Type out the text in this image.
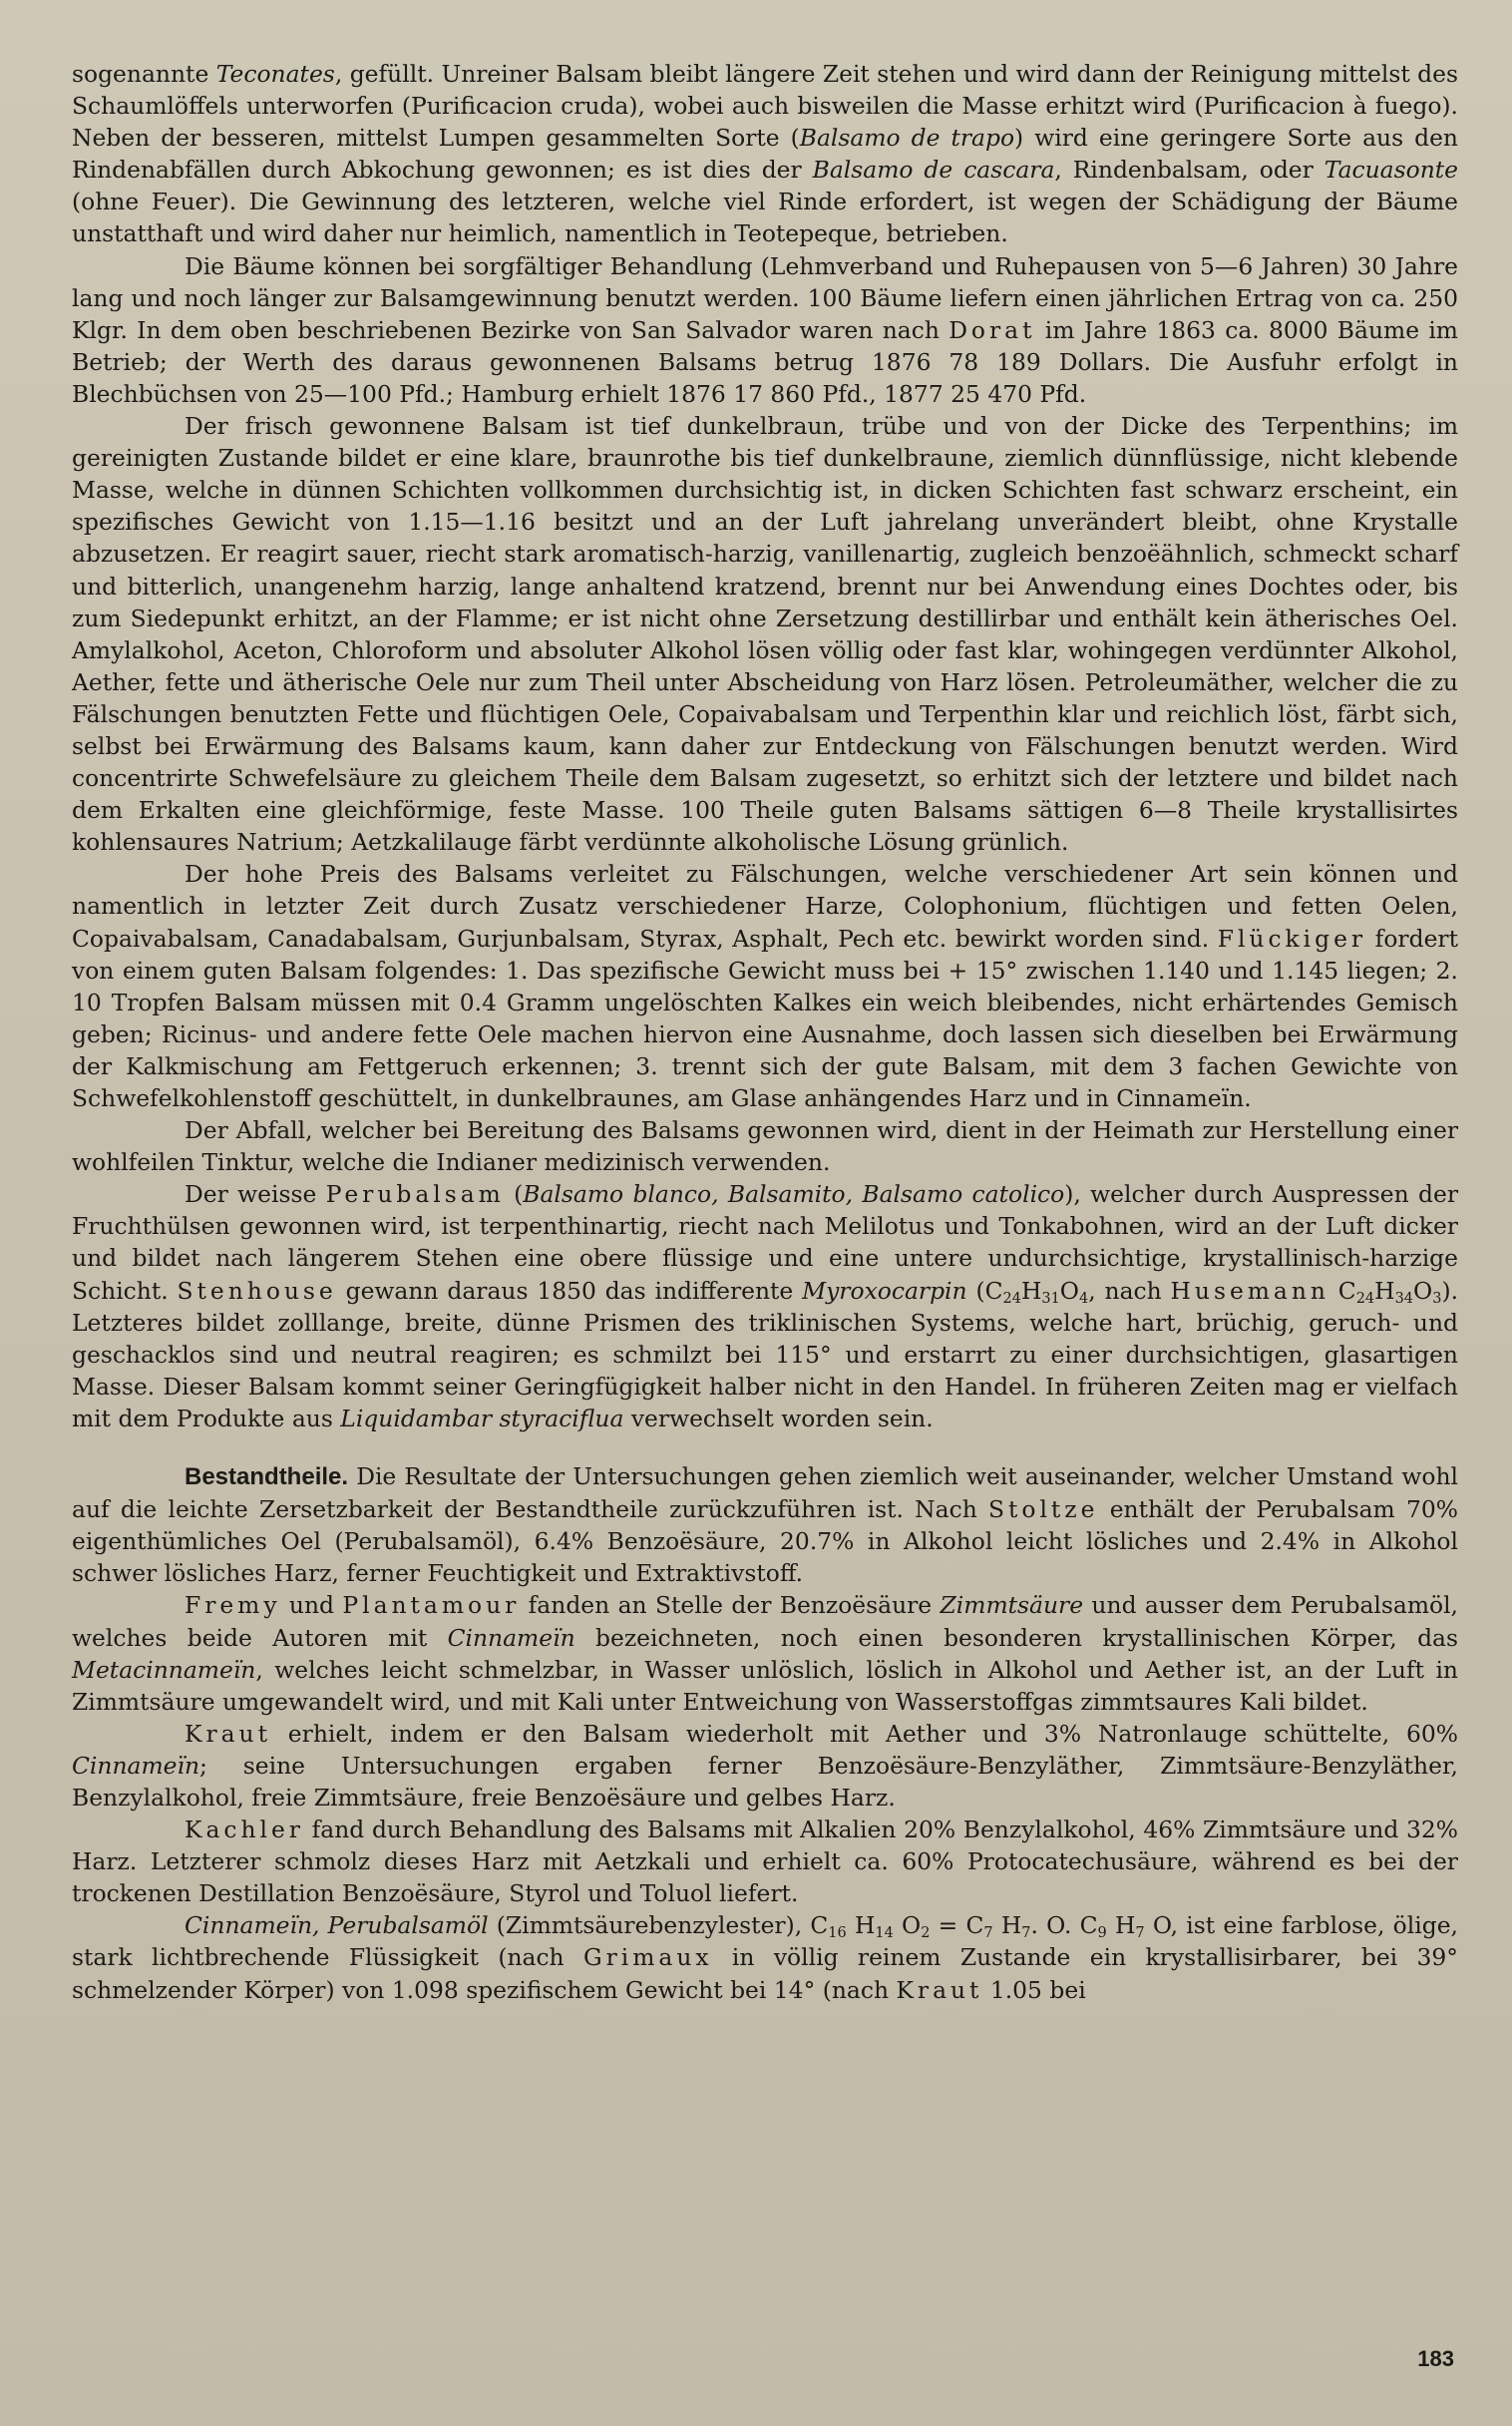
sogenannte Teconates, gefüllt. Unreiner Balsam bleibt längere Zeit stehen und wird dann der Reinigung mittelst des Schaumlöffels unterworfen (Purificacion cruda), wobei auch bisweilen die Masse erhitzt wird (Purificacion à fuego). Neben der besseren, mittelst Lumpen gesammelten Sorte (Balsamo de trapo) wird eine geringere Sorte aus den Rindenabfällen durch Abkochung gewonnen; es ist dies der Balsamo de cascara, Rindenbalsam, oder Tacuasonte (ohne Feuer). Die Gewinnung des letzteren, welche viel Rinde erfordert, ist wegen der Schädigung der Bäume unstatthaft und wird daher nur heimlich, namentlich in Teotepeque, betrieben.

Die Bäume können bei sorgfältiger Behandlung (Lehmverband und Ruhepausen von 5—6 Jahren) 30 Jahre lang und noch länger zur Balsamgewinnung benutzt werden. 100 Bäume liefern einen jährlichen Ertrag von ca. 250 Klgr. In dem oben beschriebenen Bezirke von San Salvador waren nach Dorat im Jahre 1863 ca. 8000 Bäume im Betrieb; der Werth des daraus gewonnenen Balsams betrug 1876 78 189 Dollars. Die Ausfuhr erfolgt in Blechbüchsen von 25—100 Pfd.; Hamburg erhielt 1876 17 860 Pfd., 1877 25 470 Pfd.

Der frisch gewonnene Balsam ist tief dunkelbraun, trübe und von der Dicke des Terpenthins; im gereinigten Zustande bildet er eine klare, braunrothe bis tief dunkelbraune, ziemlich dünnflüssige, nicht klebende Masse, welche in dünnen Schichten vollkommen durchsichtig ist, in dicken Schichten fast schwarz erscheint, ein spezifisches Gewicht von 1.15—1.16 besitzt und an der Luft jahrelang unverändert bleibt, ohne Krystalle abzusetzen. Er reagirt sauer, riecht stark aromatisch-harzig, vanillenartig, zugleich benzoëähnlich, schmeckt scharf und bitterlich, unangenehm harzig, lange anhaltend kratzend, brennt nur bei Anwendung eines Dochtes oder, bis zum Siedepunkt erhitzt, an der Flamme; er ist nicht ohne Zersetzung destillirbar und enthält kein ätherisches Oel. Amylalkohol, Aceton, Chloroform und absoluter Alkohol lösen völlig oder fast klar, wohingegen verdünnter Alkohol, Aether, fette und ätherische Oele nur zum Theil unter Abscheidung von Harz lösen. Petroleumäther, welcher die zu Fälschungen benutzten Fette und flüchtigen Oele, Copaivabalsam und Terpenthin klar und reichlich löst, färbt sich, selbst bei Erwärmung des Balsams kaum, kann daher zur Entdeckung von Fälschungen benutzt werden. Wird concentrirte Schwefelsäure zu gleichem Theile dem Balsam zugesetzt, so erhitzt sich der letztere und bildet nach dem Erkalten eine gleichförmige, feste Masse. 100 Theile guten Balsams sättigen 6—8 Theile krystallisirtes kohlensaures Natrium; Aetzkalilauge färbt verdünnte alkoholische Lösung grünlich.

Der hohe Preis des Balsams verleitet zu Fälschungen, welche verschiedener Art sein können und namentlich in letzter Zeit durch Zusatz verschiedener Harze, Colophonium, flüchtigen und fetten Oelen, Copaivabalsam, Canadabalsam, Gurjunbalsam, Styrax, Asphalt, Pech etc. bewirkt worden sind. Flückiger fordert von einem guten Balsam folgendes: 1. Das spezifische Gewicht muss bei + 15° zwischen 1.140 und 1.145 liegen; 2. 10 Tropfen Balsam müssen mit 0.4 Gramm ungelöschten Kalkes ein weich bleibendes, nicht erhärtendes Gemisch geben; Ricinus- und andere fette Oele machen hiervon eine Ausnahme, doch lassen sich dieselben bei Erwärmung der Kalkmischung am Fettgeruch erkennen; 3. trennt sich der gute Balsam, mit dem 3 fachen Gewichte von Schwefelkohlenstoff geschüttelt, in dunkelbraunes, am Glase anhängendes Harz und in Cinnameïn.

Der Abfall, welcher bei Bereitung des Balsams gewonnen wird, dient in der Heimath zur Herstellung einer wohlfeilen Tinktur, welche die Indianer medizinisch verwenden.

Der weisse Perubalsam (Balsamo blanco, Balsamito, Balsamo catolico), welcher durch Auspressen der Fruchthülsen gewonnen wird, ist terpenthinartig, riecht nach Melilotus und Tonkabohnen, wird an der Luft dicker und bildet nach längerem Stehen eine obere flüssige und eine untere undurchsichtige, krystallinisch-harzige Schicht. Stenhouse gewann daraus 1850 das indifferente Myroxocarpin ($C_{24}H_{31}O_4$, nach Husemann $C_{24}H_{34}O_3$). Letzteres bildet zolllange, breite, dünne Prismen des triklinischen Systems, welche hart, brüchig, geruch- und geschacklos sind und neutral reagiren; es schmilzt bei 115° und erstarrt zu einer durchsichtigen, glasartigen Masse. Dieser Balsam kommt seiner Geringfügigkeit halber nicht in den Handel. In früheren Zeiten mag er vielfach mit dem Produkte aus Liquidambar styraciflua verwechselt worden sein.

Bestandtheile. Die Resultate der Untersuchungen gehen ziemlich weit auseinander, welcher Umstand wohl auf die leichte Zersetzbarkeit der Bestandtheile zurückzuführen ist. Nach Stoltze enthält der Perubalsam 70% eigenthümliches Oel (Perubalsamöl), 6.4% Benzoësäure, 20.7% in Alkohol leicht lösliches und 2.4% in Alkohol schwer lösliches Harz, ferner Feuchtigkeit und Extraktivstoff.

Fremy und Plantamour fanden an Stelle der Benzoësäure Zimmtsäure und ausser dem Perubalsamöl, welches beide Autoren mit Cinnameïn bezeichneten, noch einen besonderen krystallinischen Körper, das Metacinnameïn, welches leicht schmelzbar, in Wasser unlöslich, löslich in Alkohol und Aether ist, an der Luft in Zimmtsäure umgewandelt wird, und mit Kali unter Entweichung von Wasserstoffgas zimmtsaures Kali bildet.

Kraut erhielt, indem er den Balsam wiederholt mit Aether und 3% Natronlauge schüttelte, 60% Cinnameïn; seine Untersuchungen ergaben ferner Benzoësäure-Benzyläther, Zimmtsäure-Benzyläther, Benzylalkohol, freie Zimmtsäure, freie Benzoësäure und gelbes Harz.

Kachler fand durch Behandlung des Balsams mit Alkalien 20% Benzylalkohol, 46% Zimmtsäure und 32% Harz. Letzterer schmolz dieses Harz mit Aetzkali und erhielt ca. 60% Protocatechusäure, während es bei der trockenen Destillation Benzoësäure, Styrol und Toluol liefert.

Cinnameïn, Perubalsamöl (Zimmtsäurebenzylester), $C_{16}$ $H_{14}$ $O_2 = C_7$ $H_7$. O. $C_9$ $H_7$ O, ist eine farblose, ölige, stark lichtbrechende Flüssigkeit (nach Grimaux in völlig reinem Zustande ein krystallisirbarer, bei 39° schmelzender Körper) von 1.098 spezifischem Gewicht bei 14° (nach Kraut 1.05 bei

183
